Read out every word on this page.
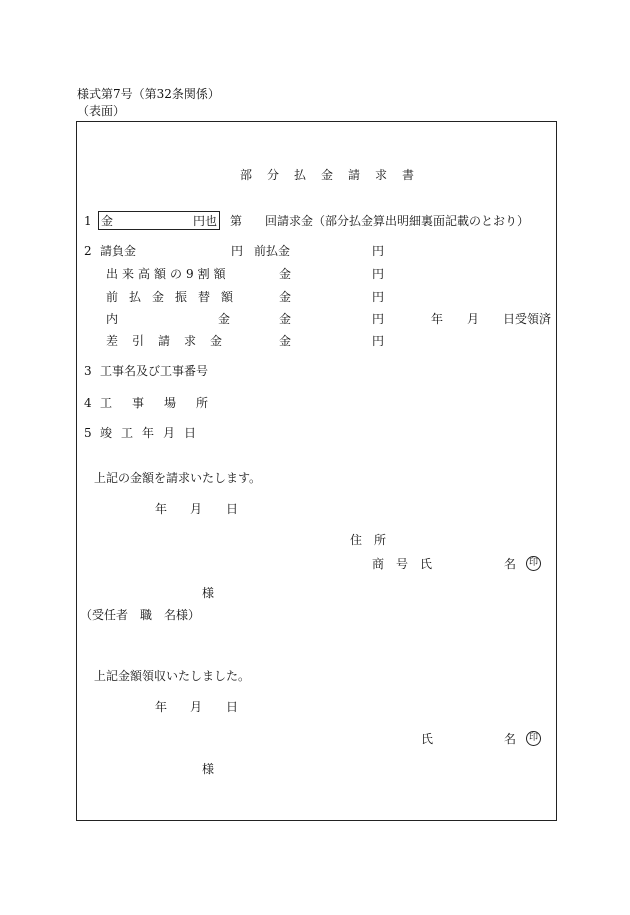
様式第7号（第32条関係）
（表面）
部分払金請求書
1 金	円也 第 回請求金（部分払金算出明細裏面記載のとおり）
2 請負金	円 前払金	円
出来高額の9割額	金	円
前払金振替額	金	円
内	金	金	円	年 月 日受領済
差引請求金	金	円
3 工事名及び工事番号
4 工事場所
5 竣工年月日
上記の金額を請求いたします。
年 月 日
住所
商号氏	名	印
様
（受任者　職　名様）
上記金額領収いたしました。
年 月 日
氏	名	印
様
